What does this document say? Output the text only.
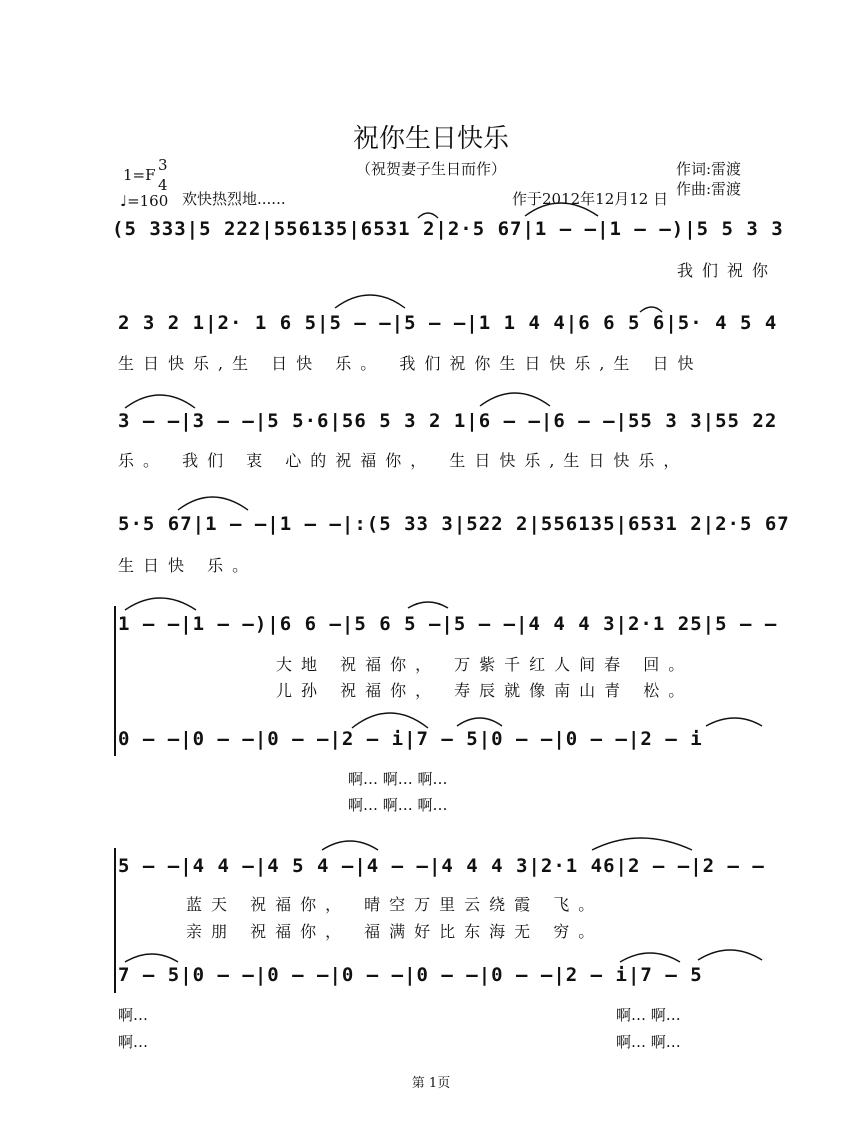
祝你生日快乐
（祝贺妻子生日而作）	作词:雷渡
作曲:雷渡
1=F
3
4
♩=160 欢快热烈地......	作于2012年12月12 日
(5 333|5 222|556135|6531 2|2·5 67|1 – –|1 – –)|5 5 3 3
我们祝你
2 3 2 1|2· 1 6 5|5 – –|5 – –|1 1 4 4|6 6 5 6|5· 4 5 4
生日快乐,生 日快 乐。 我们祝你生日快乐,生 日快
3 – –|3 – –|5 5·6|56 5 3 2 1|6 – –|6 – –|55 3 3|55 22
乐。 我们 衷 心的祝福你， 生日快乐,生日快乐，
5·5 67|1 – –|1 – –|:(5 33 3|522 2|556135|6531 2|2·5 67
生日快 乐。
1 – –|1 – –)|6 6 –|5 6 5 –|5 – –|4 4 4 3|2·1 25|5 – –
大地 祝福你， 万紫千红人间春 回。
儿孙 祝福你， 寿辰就像南山青 松。
0 – –|0 – –|0 – –|2 – i|7 – 5|0 – –|0 – –|2 – i
啊… 啊… 啊…
啊… 啊… 啊…
5 – –|4 4 –|4 5 4 –|4 – –|4 4 4 3|2·1 46|2 – –|2 – –
蓝天 祝福你， 晴空万里云绕霞 飞。
亲朋 祝福你， 福满好比东海无 穷。
7 – 5|0 – –|0 – –|0 – –|0 – –|0 – –|2 – i|7 – 5
啊…
啊…
啊… 啊…
啊… 啊…
第 1页
